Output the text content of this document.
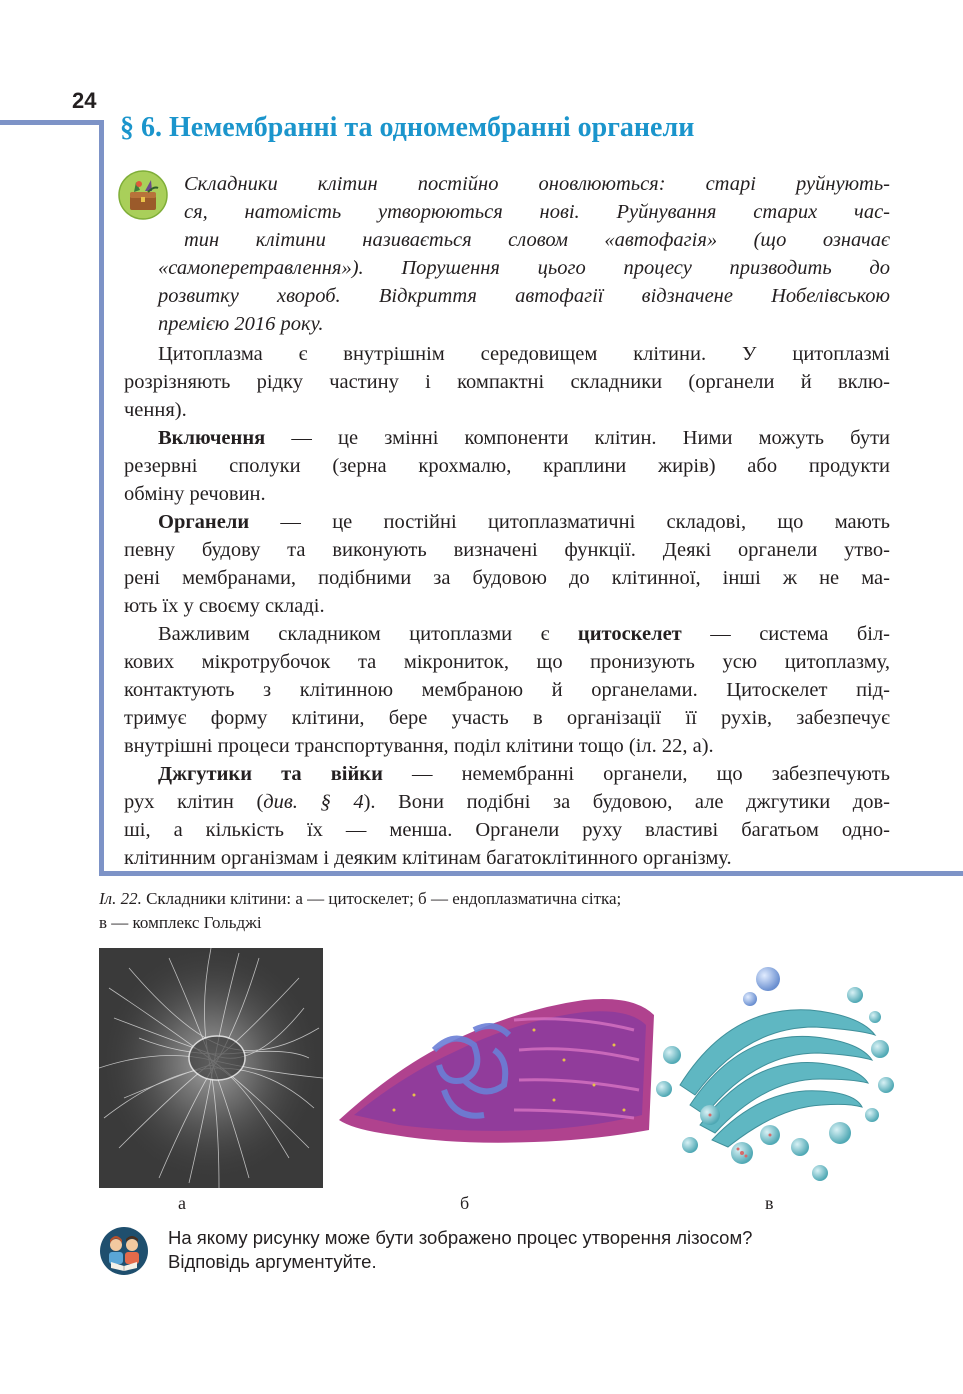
24
§ 6. Немембранні та одномембранні органели
Складники клітин постійно оновлюються: старі руйнують-
ся, натомість утворюються нові. Руйнування старих час-
тин клітини називається словом «автофагія» (що означає
«самоперетравлення»). Порушення цього процесу призводить до
розвитку хвороб. Відкриття автофагії відзначене Нобелівською
премією 2016 року.
Цитоплазма є внутрішнім середовищем клітини. У цитоплазмі
розрізняють рідку частину і компактні складники (органели й вклю-
чення).
Включення — це змінні компоненти клітин. Ними можуть бути
резервні сполуки (зерна крохмалю, краплини жирів) або продукти
обміну речовин.
Органели — це постійні цитоплазматичні складові, що мають
певну будову та виконують визначені функції. Деякі органели утво-
рені мембранами, подібними за будовою до клітинної, інші ж не ма-
ють їх у своєму складі.
Важливим складником цитоплазми є цитоскелет — система біл-
кових мікротрубочок та мікрониток, що пронизують усю цитоплазму,
контактують з клітинною мембраною й органелами. Цитоскелет під-
тримує форму клітини, бере участь в організації її рухів, забезпечує
внутрішні процеси транспортування, поділ клітини тощо (іл. 22, а).
Джгутики та війки — немембранні органели, що забезпечують
рух клітин (див. § 4). Вони подібні за будовою, але джгутики дов-
ші, а кількість їх — менша. Органели руху властиві багатьом одно-
клітинним організмам і деяким клітинам багатоклітинного організму.
Іл. 22. Складники клітини: а — цитоскелет; б — ендоплазматична сітка;
в — комплекс Гольджі
а	б	в
На якому рисунку може бути зображено процес утворення лізосом?
Відповідь аргументуйте.
